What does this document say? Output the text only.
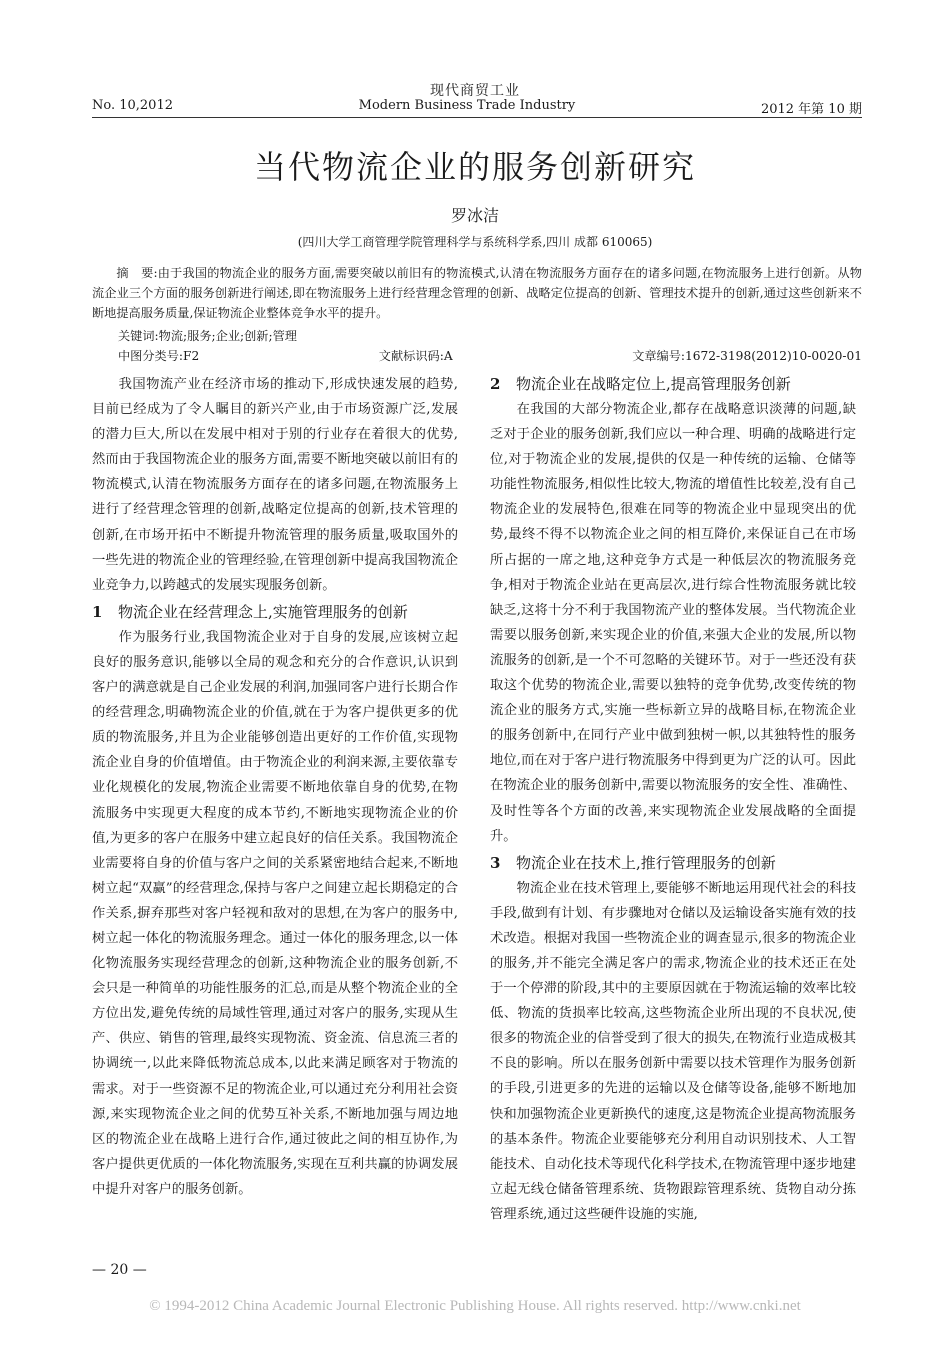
现代商贸工业
No. 10,2012	Modern Business Trade Industry	2012 年第 10 期
当代物流企业的服务创新研究
罗冰洁
(四川大学工商管理学院管理科学与系统科学系,四川 成都 610065)
摘　要:由于我国的物流企业的服务方面,需要突破以前旧有的物流模式,认清在物流服务方面存在的诸多问题,在物流服务上进行创新。从物流企业三个方面的服务创新进行阐述,即在物流服务上进行经营理念管理的创新、战略定位提高的创新、管理技术提升的创新,通过这些创新来不断地提高服务质量,保证物流企业整体竞争水平的提升。
关键词:物流;服务;企业;创新;管理
中图分类号:F2	文献标识码:A	文章编号:1672-3198(2012)10-0020-01

我国物流产业在经济市场的推动下,形成快速发展的趋势,目前已经成为了令人瞩目的新兴产业,由于市场资源广泛,发展的潜力巨大,所以在发展中相对于别的行业存在着很大的优势,然而由于我国物流企业的服务方面,需要不断地突破以前旧有的物流模式,认清在物流服务方面存在的诸多问题,在物流服务上进行了经营理念管理的创新,战略定位提高的创新,技术管理的创新,在市场开拓中不断提升物流管理的服务质量,吸取国外的一些先进的物流企业的管理经验,在管理创新中提高我国物流企业竞争力,以跨越式的发展实现服务创新。

1 物流企业在经营理念上,实施管理服务的创新

作为服务行业,我国物流企业对于自身的发展,应该树立起良好的服务意识,能够以全局的观念和充分的合作意识,认识到客户的满意就是自己企业发展的利润,加强同客户进行长期合作的经营理念,明确物流企业的价值,就在于为客户提供更多的优质的物流服务,并且为企业能够创造出更好的工作价值,实现物流企业自身的价值增值。由于物流企业的利润来源,主要依靠专业化规模化的发展,物流企业需要不断地依靠自身的优势,在物流服务中实现更大程度的成本节约,不断地实现物流企业的价值,为更多的客户在服务中建立起良好的信任关系。我国物流企业需要将自身的价值与客户之间的关系紧密地结合起来,不断地树立起“双赢”的经营理念,保持与客户之间建立起长期稳定的合作关系,摒弃那些对客户轻视和敌对的思想,在为客户的服务中,树立起一体化的物流服务理念。通过一体化的服务理念,以一体化物流服务实现经营理念的创新,这种物流企业的服务创新,不会只是一种简单的功能性服务的汇总,而是从整个物流企业的全方位出发,避免传统的局域性管理,通过对客户的服务,实现从生产、供应、销售的管理,最终实现物流、资金流、信息流三者的协调统一,以此来降低物流总成本,以此来满足顾客对于物流的需求。对于一些资源不足的物流企业,可以通过充分利用社会资源,来实现物流企业之间的优势互补关系,不断地加强与周边地区的物流企业在战略上进行合作,通过彼此之间的相互协作,为客户提供更优质的一体化物流服务,实现在互利共赢的协调发展中提升对客户的服务创新。

2 物流企业在战略定位上,提高管理服务创新

在我国的大部分物流企业,都存在战略意识淡薄的问题,缺乏对于企业的服务创新,我们应以一种合理、明确的战略进行定位,对于物流企业的发展,提供的仅是一种传统的运输、仓储等功能性物流服务,相似性比较大,物流的增值性比较差,没有自己物流企业的发展特色,很难在同等的物流企业中显现突出的优势,最终不得不以物流企业之间的相互降价,来保证自己在市场所占据的一席之地,这种竞争方式是一种低层次的物流服务竞争,相对于物流企业站在更高层次,进行综合性物流服务就比较缺乏,这将十分不利于我国物流产业的整体发展。当代物流企业需要以服务创新,来实现企业的价值,来强大企业的发展,所以物流服务的创新,是一个不可忽略的关键环节。对于一些还没有获取这个优势的物流企业,需要以独特的竞争优势,改变传统的物流企业的服务方式,实施一些标新立异的战略目标,在物流企业的服务创新中,在同行产业中做到独树一帜,以其独特性的服务地位,而在对于客户进行物流服务中得到更为广泛的认可。因此在物流企业的服务创新中,需要以物流服务的安全性、准确性、及时性等各个方面的改善,来实现物流企业发展战略的全面提升。

3 物流企业在技术上,推行管理服务的创新

物流企业在技术管理上,要能够不断地运用现代社会的科技手段,做到有计划、有步骤地对仓储以及运输设备实施有效的技术改造。根据对我国一些物流企业的调查显示,很多的物流企业的服务,并不能完全满足客户的需求,物流企业的技术还正在处于一个停滞的阶段,其中的主要原因就在于物流运输的效率比较低、物流的货损率比较高,这些物流企业所出现的不良状况,使很多的物流企业的信誉受到了很大的损失,在物流行业造成极其不良的影响。所以在服务创新中需要以技术管理作为服务创新的手段,引进更多的先进的运输以及仓储等设备,能够不断地加快和加强物流企业更新换代的速度,这是物流企业提高物流服务的基本条件。物流企业要能够充分利用自动识别技术、人工智能技术、自动化技术等现代化科学技术,在物流管理中逐步地建立起无线仓储备管理系统、货物跟踪管理系统、货物自动分拣管理系统,通过这些硬件设施的实施,

— 20 —
© 1994-2012 China Academic Journal Electronic Publishing House. All rights reserved. http://www.cnki.net
